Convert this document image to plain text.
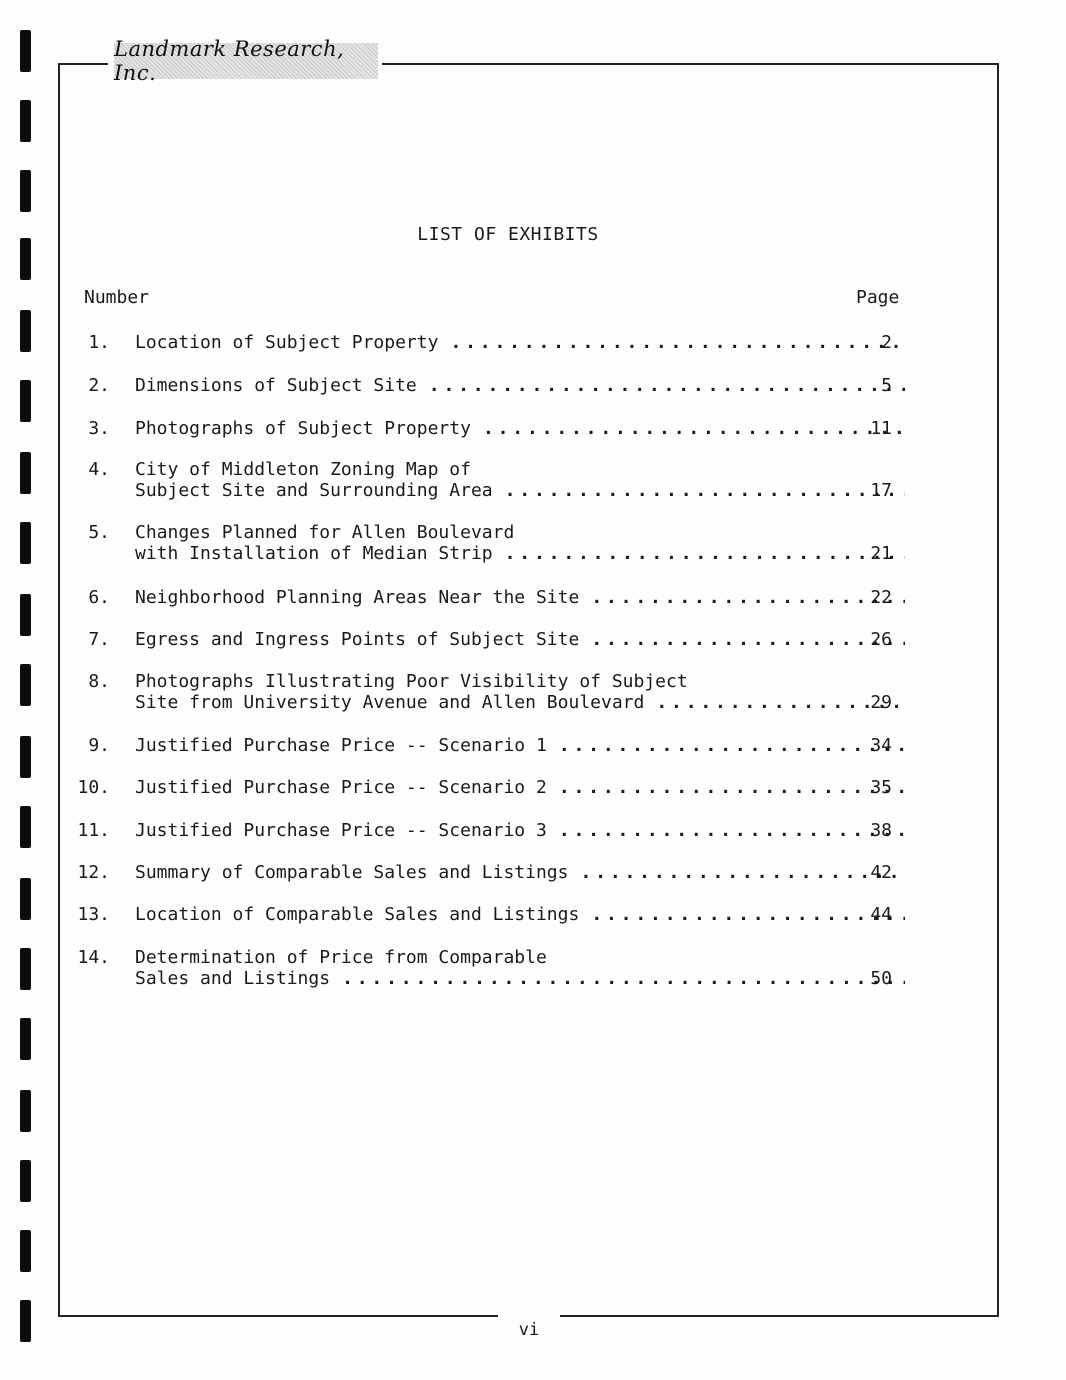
Landmark Research, Inc.
LIST OF EXHIBITS
Number	Page
1. Location of Subject Property . . .	2
2. Dimensions of Subject Site . . .	5
3. Photographs of Subject Property . . .	11
4. City of Middleton Zoning Map of
Subject Site and Surrounding Area . . .	17
5. Changes Planned for Allen Boulevard
with Installation of Median Strip . . .	21
6. Neighborhood Planning Areas Near the Site . . .	22
7. Egress and Ingress Points of Subject Site . . .	26
8. Photographs Illustrating Poor Visibility of Subject
Site from University Avenue and Allen Boulevard . . .	29
9. Justified Purchase Price -- Scenario 1 . . .	34
10. Justified Purchase Price -- Scenario 2 . . .	35
11. Justified Purchase Price -- Scenario 3 . . .	38
12. Summary of Comparable Sales and Listings . . .	42
13. Location of Comparable Sales and Listings . . .	44
14. Determination of Price from Comparable
Sales and Listings . . .	50
vi
